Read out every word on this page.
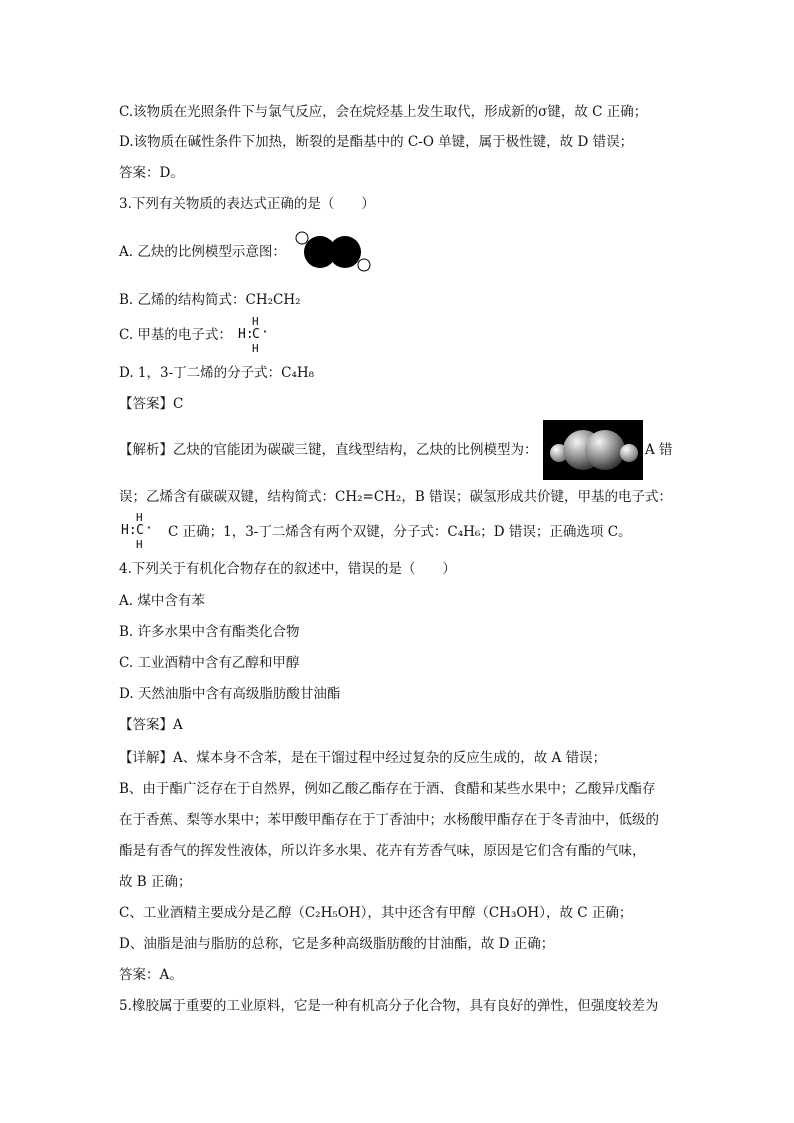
C.该物质在光照条件下与氯气反应，会在烷烃基上发生取代，形成新的σ键，故 C 正确；
D.该物质在碱性条件下加热，断裂的是酯基中的 C-O 单键，属于极性键，故 D 错误；
答案：D。
3.下列有关物质的表达式正确的是（　　）
A. 乙炔的比例模型示意图：
B. 乙烯的结构简式：CH₂CH₂
C. 甲基的电子式：
H
H:
C ·
H
D. 1，3-丁二烯的分子式：C₄H₈
【答案】C
【解析】乙炔的官能团为碳碳三键，直线型结构，乙炔的比例模型为：	A 错
误；乙烯含有碳碳双键，结构简式：CH₂=CH₂，B 错误；碳氢形成共价键，甲基的电子式：
H
H: C ·
H
C 正确；1，3-丁二烯含有两个双键，分子式：C₄H₆；D 错误；正确选项 C。
4.下列关于有机化合物存在的叙述中，错误的是（　　）
A. 煤中含有苯
B. 许多水果中含有酯类化合物
C. 工业酒精中含有乙醇和甲醇
D. 天然油脂中含有高级脂肪酸甘油酯
【答案】A
【详解】A、煤本身不含苯，是在干馏过程中经过复杂的反应生成的，故 A 错误；
B、由于酯广泛存在于自然界，例如乙酸乙酯存在于酒、食醋和某些水果中；乙酸异戊酯存
在于香蕉、梨等水果中；苯甲酸甲酯存在于丁香油中；水杨酸甲酯存在于冬青油中，低级的
酯是有香气的挥发性液体，所以许多水果、花卉有芳香气味，原因是它们含有酯的气味，
故 B 正确；
C、工业酒精主要成分是乙醇（C₂H₅OH），其中还含有甲醇（CH₃OH），故 C 正确；
D、油脂是油与脂肪的总称，它是多种高级脂肪酸的甘油酯，故 D 正确；
答案：A。
5.橡胶属于重要的工业原料，它是一种有机高分子化合物，具有良好的弹性，但强度较差为
